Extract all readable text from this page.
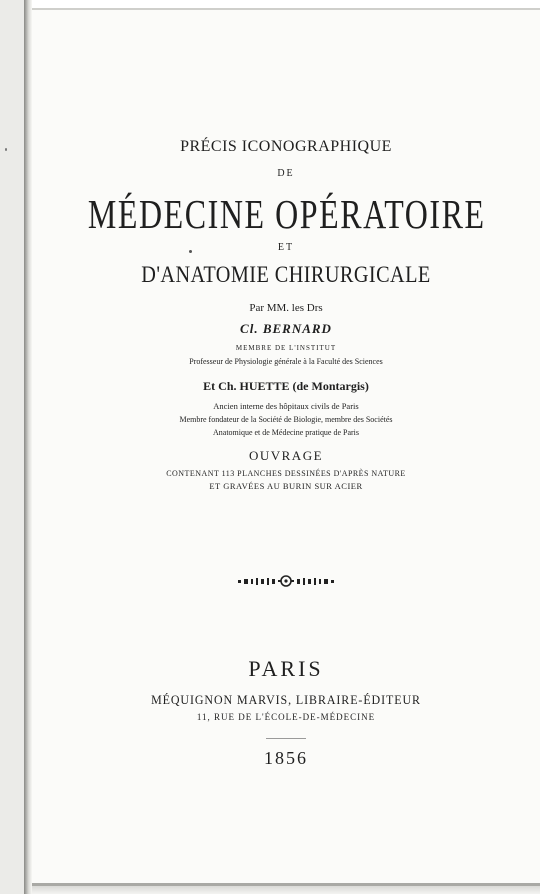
PRÉCIS ICONOGRAPHIQUE
DE
MÉDECINE OPÉRATOIRE
ET
D'ANATOMIE CHIRURGICALE
Par MM. les Drs
Cl. BERNARD
MEMBRE DE L'INSTITUT
Professeur de Physiologie générale à la Faculté des Sciences
Et Ch. HUETTE (de Montargis)
Ancien interne des hôpitaux civils de Paris
Membre fondateur de la Société de Biologie, membre des Sociétés
Anatomique et de Médecine pratique de Paris
OUVRAGE
CONTENANT 113 PLANCHES DESSINÉES D'APRÈS NATURE
ET GRAVÉES AU BURIN SUR ACIER
PARIS
MÉQUIGNON MARVIS, LIBRAIRE-ÉDITEUR
11, RUE DE L'ÉCOLE-DE-MÉDECINE
1856
